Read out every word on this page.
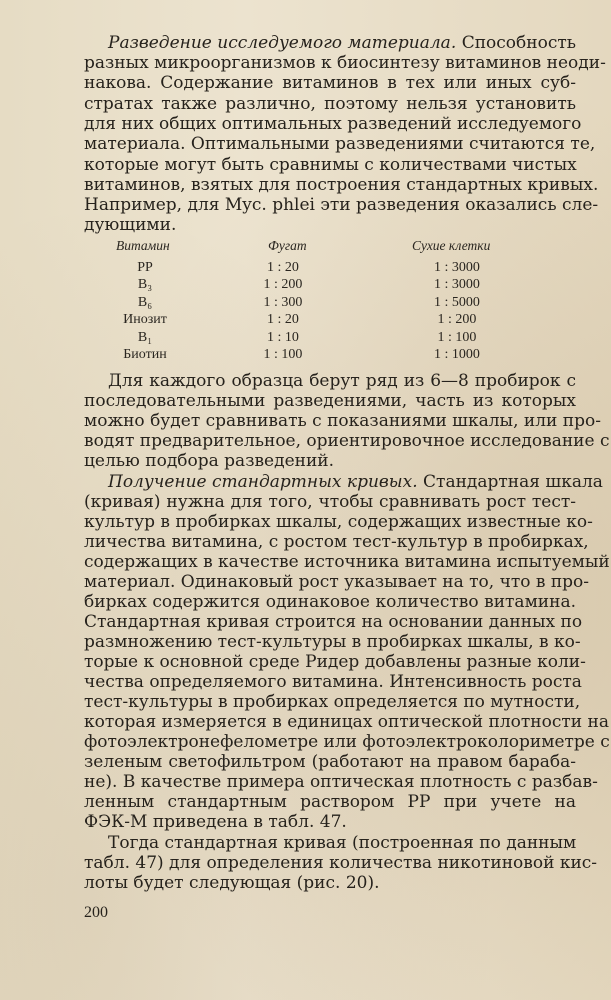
Разведение исследуемого материала. Способность
разных микроорганизмов к биосинтезу витаминов неоди-
накова. Содержание витаминов в тех или иных суб-
стратах также различно, поэтому нельзя установить
для них общих оптимальных разведений исследуемого
материала. Оптимальными разведениями считаются те,
которые могут быть сравнимы с количествами чистых
витаминов, взятых для построения стандартных кривых.
Например, для Myc. phlei эти разведения оказались сле-
дующими.
Витамин	Фугат	Сухие клетки
PP	1 : 20	1 : 3000
B₃	1 : 200	1 : 3000
B₆	1 : 300	1 : 5000
Инозит	1 : 20	1 : 200
B₁	1 : 10	1 : 100
Биотин	1 : 100	1 : 1000
Для каждого образца берут ряд из 6—8 пробирок с
последовательными разведениями, часть из которых
можно будет сравнивать с показаниями шкалы, или про-
водят предварительное, ориентировочное исследование с
целью подбора разведений.
Получение стандартных кривых. Стандартная шкала
(кривая) нужна для того, чтобы сравнивать рост тест-
культур в пробирках шкалы, содержащих известные ко-
личества витамина, с ростом тест-культур в пробирках,
содержащих в качестве источника витамина испытуемый
материал. Одинаковый рост указывает на то, что в про-
бирках содержится одинаковое количество витамина.
Стандартная кривая строится на основании данных по
размножению тест-культуры в пробирках шкалы, в ко-
торые к основной среде Ридер добавлены разные коли-
чества определяемого витамина. Интенсивность роста
тест-культуры в пробирках определяется по мутности,
которая измеряется в единицах оптической плотности на
фотоэлектронефелометре или фотоэлектроколориметре с
зеленым светофильтром (работают на правом бараба-
не). В качестве примера оптическая плотность с разбав-
ленным стандартным раствором PP при учете на
ФЭК-М приведена в табл. 47.
Тогда стандартная кривая (построенная по данным
табл. 47) для определения количества никотиновой кис-
лоты будет следующая (рис. 20).
200
